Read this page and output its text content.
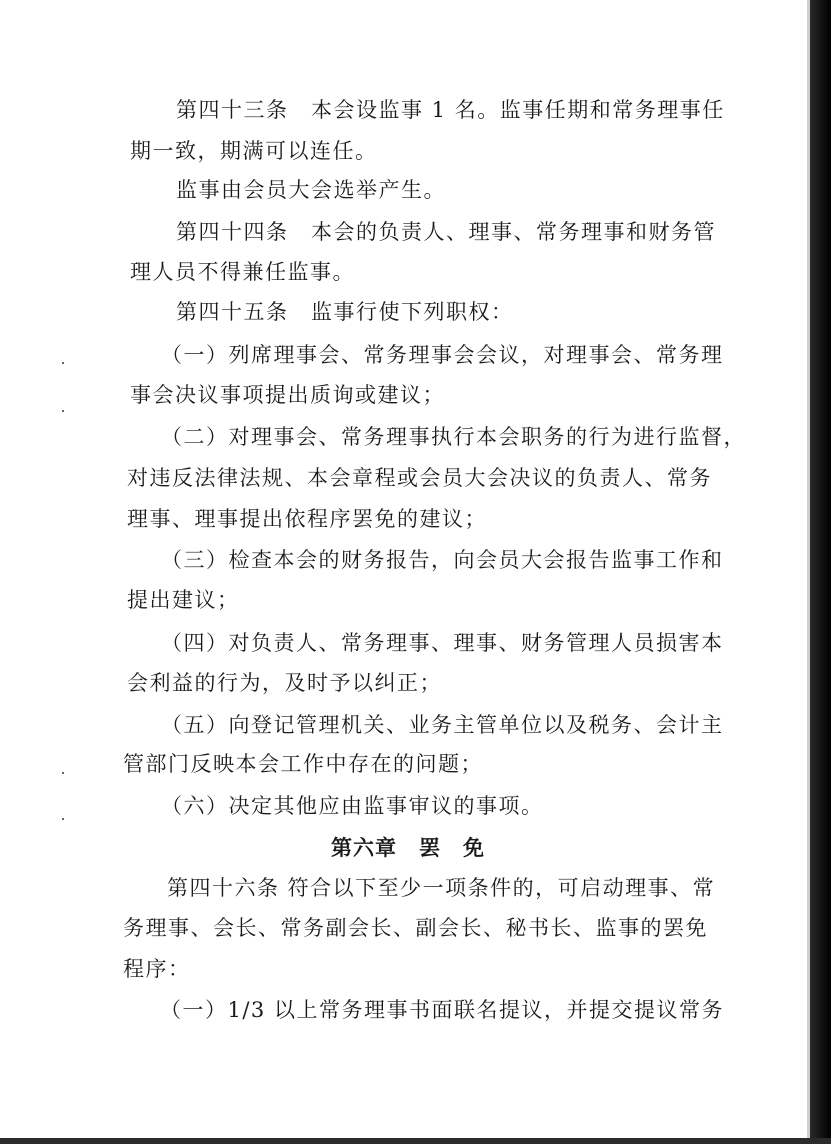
第四十三条　本会设监事 1 名。监事任期和常务理事任
期一致，期满可以连任。
监事由会员大会选举产生。
第四十四条　本会的负责人、理事、常务理事和财务管
理人员不得兼任监事。
第四十五条　监事行使下列职权：
（一）列席理事会、常务理事会会议，对理事会、常务理
事会决议事项提出质询或建议；
（二）对理事会、常务理事执行本会职务的行为进行监督，
对违反法律法规、本会章程或会员大会决议的负责人、常务
理事、理事提出依程序罢免的建议；
（三）检查本会的财务报告，向会员大会报告监事工作和
提出建议；
（四）对负责人、常务理事、理事、财务管理人员损害本
会利益的行为，及时予以纠正；
（五）向登记管理机关、业务主管单位以及税务、会计主
管部门反映本会工作中存在的问题；
（六）决定其他应由监事审议的事项。
第六章　罢　免
第四十六条 符合以下至少一项条件的，可启动理事、常
务理事、会长、常务副会长、副会长、秘书长、监事的罢免
程序：
（一）1/3 以上常务理事书面联名提议，并提交提议常务
